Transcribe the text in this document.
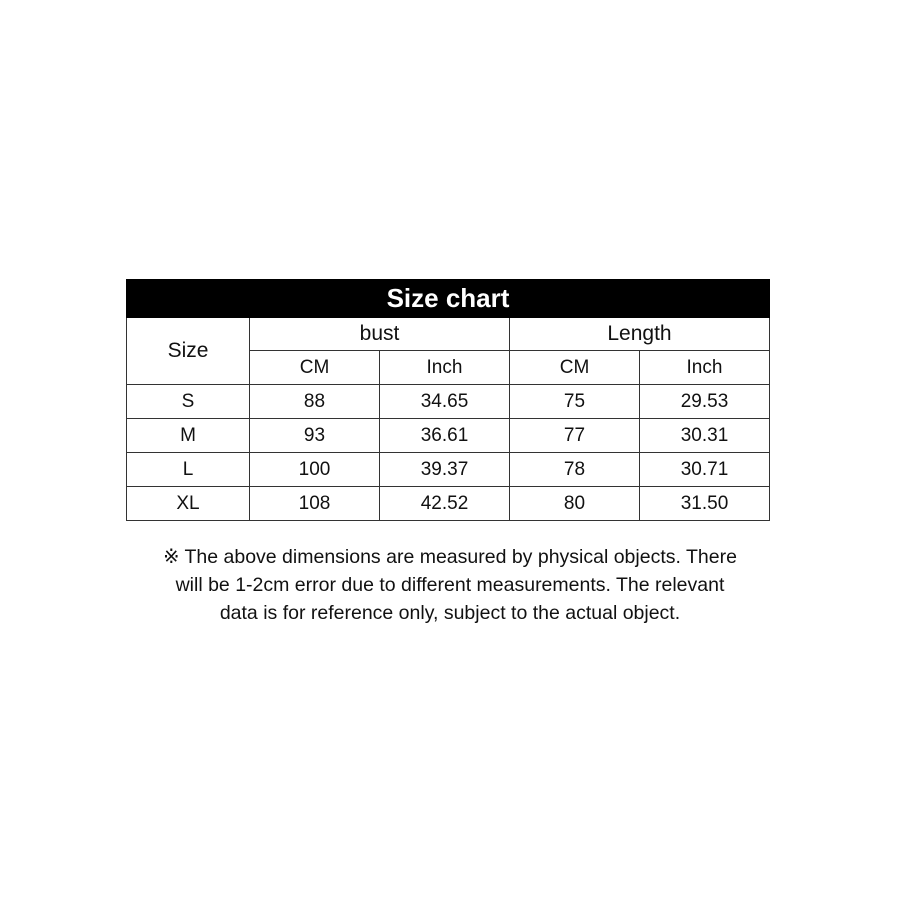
Size chart				
Size	bust		Length	
	CM	Inch	CM	Inch
S	88	34.65	75	29.53
M	93	36.61	77	30.31
L	100	39.37	78	30.71
XL	108	42.52	80	31.50
※ The above dimensions are measured by physical objects. There
will be 1-2cm error due to different measurements. The relevant
data is for reference only, subject to the actual object.
